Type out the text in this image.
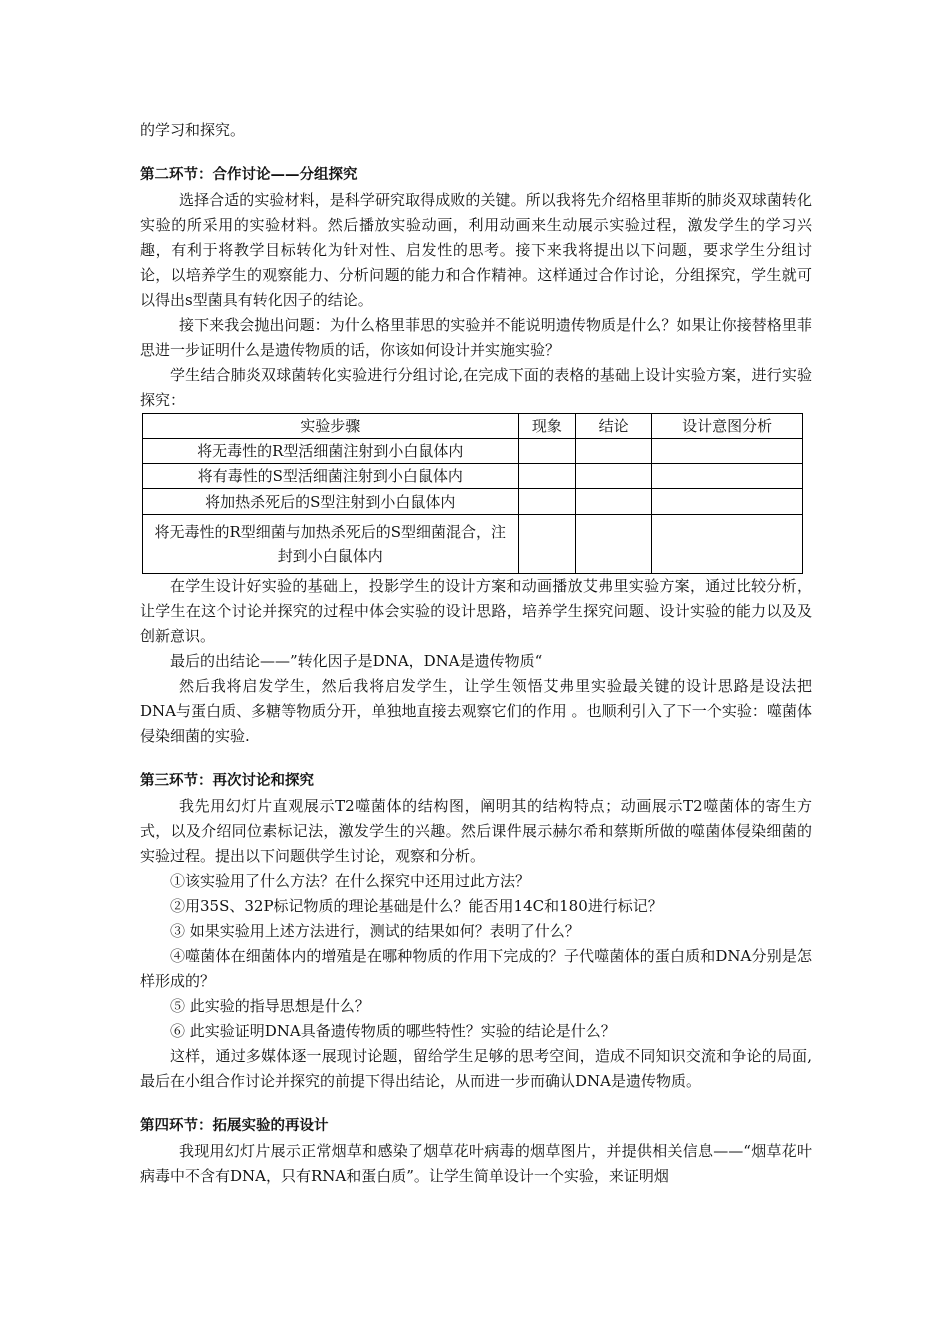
的学习和探究。

第二环节：合作讨论——分组探究

选择合适的实验材料，是科学研究取得成败的关键。所以我将先介绍格里菲斯的肺炎双球菌转化实验的所采用的实验材料。然后播放实验动画，利用动画来生动展示实验过程，激发学生的学习兴趣，有利于将教学目标转化为针对性、启发性的思考。接下来我将提出以下问题，要求学生分组讨论，以培养学生的观察能力、分析问题的能力和合作精神。这样通过合作讨论，分组探究，学生就可以得出s型菌具有转化因子的结论。

接下来我会抛出问题：为什么格里菲思的实验并不能说明遗传物质是什么？如果让你接替格里菲思进一步证明什么是遗传物质的话，你该如何设计并实施实验？

学生结合肺炎双球菌转化实验进行分组讨论,在完成下面的表格的基础上设计实验方案，进行实验探究：

实验步骤	现象	结论	设计意图分析
将无毒性的R型活细菌注射到小白鼠体内			
将有毒性的S型活细菌注射到小白鼠体内			
将加热杀死后的S型注射到小白鼠体内			
将无毒性的R型细菌与加热杀死后的S型细菌混合，注封到小白鼠体内			

在学生设计好实验的基础上，投影学生的设计方案和动画播放艾弗里实验方案，通过比较分析，让学生在这个讨论并探究的过程中体会实验的设计思路，培养学生探究问题、设计实验的能力以及及创新意识。

最后的出结论——”转化因子是DNA，DNA是遗传物质“

然后我将启发学生，然后我将启发学生，让学生领悟艾弗里实验最关键的设计思路是设法把DNA与蛋白质、多糖等物质分开，单独地直接去观察它们的作用 。也顺利引入了下一个实验：噬菌体侵染细菌的实验.

第三环节：再次讨论和探究

我先用幻灯片直观展示T2噬菌体的结构图，阐明其的结构特点；动画展示T2噬菌体的寄生方式，以及介绍同位素标记法，激发学生的兴趣。然后课件展示赫尔希和蔡斯所做的噬菌体侵染细菌的实验过程。提出以下问题供学生讨论，观察和分析。

①该实验用了什么方法？在什么探究中还用过此方法？

②用35S、32P标记物质的理论基础是什么？能否用14C和180进行标记？

③ 如果实验用上述方法进行，测试的结果如何？表明了什么？

④噬菌体在细菌体内的增殖是在哪种物质的作用下完成的？子代噬菌体的蛋白质和DNA分别是怎样形成的？

⑤ 此实验的指导思想是什么？

⑥ 此实验证明DNA具备遗传物质的哪些特性？实验的结论是什么？

这样，通过多媒体逐一展现讨论题，留给学生足够的思考空间，造成不同知识交流和争论的局面,最后在小组合作讨论并探究的前提下得出结论，从而进一步而确认DNA是遗传物质。

第四环节：拓展实验的再设计

我现用幻灯片展示正常烟草和感染了烟草花叶病毒的烟草图片，并提供相关信息——“烟草花叶病毒中不含有DNA，只有RNA和蛋白质”。让学生简单设计一个实验，来证明烟
